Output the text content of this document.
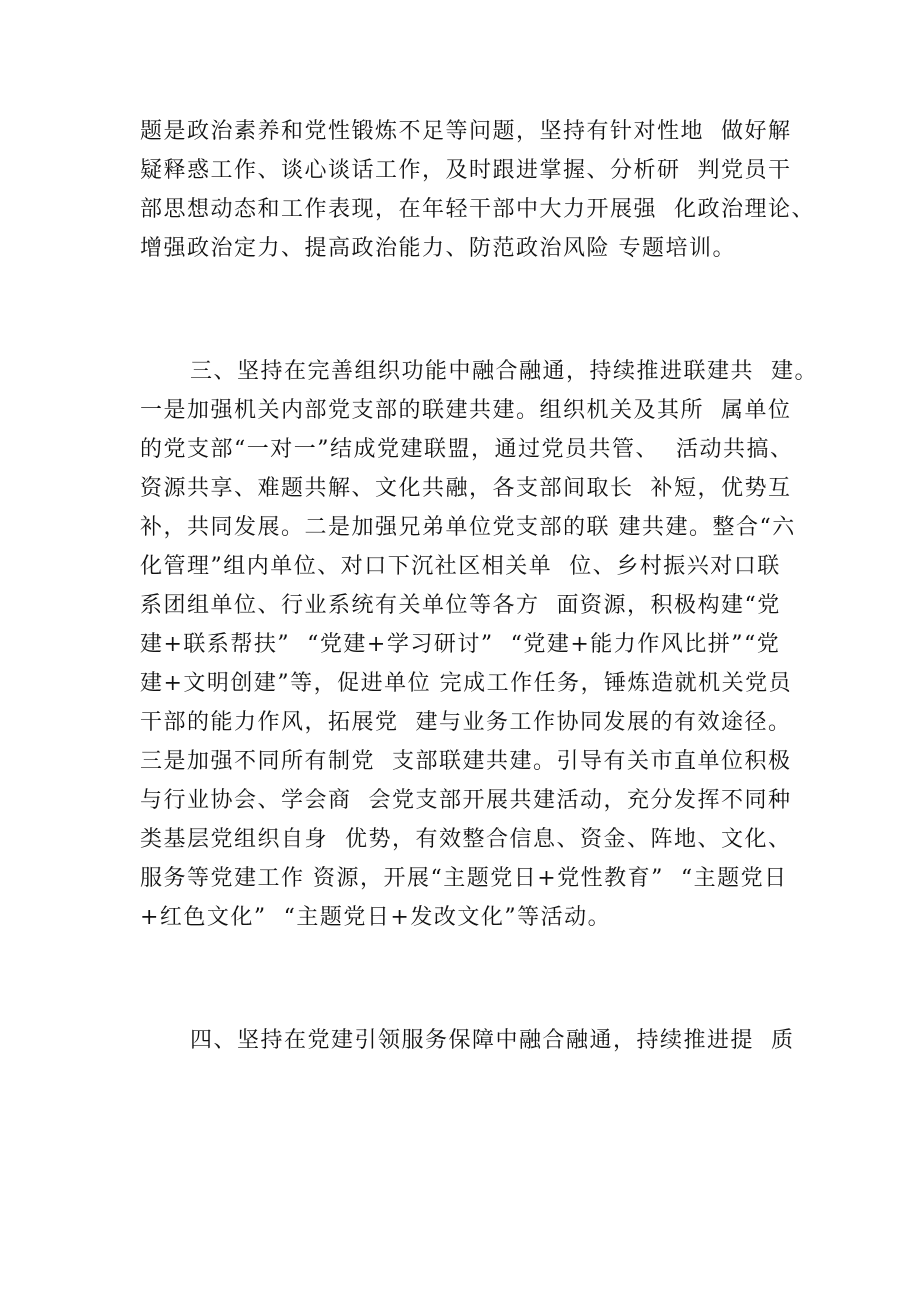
题是政治素养和党性锻炼不足等问题，坚持有针对性地  做好解
疑释惑工作、谈心谈话工作，及时跟进掌握、分析研  判党员干
部思想动态和工作表现，在年轻干部中大力开展强  化政治理论、
增强政治定力、提高政治能力、防范政治风险 专题培训。
三、坚持在完善组织功能中融合融通，持续推进联建共  建。
一是加强机关内部党支部的联建共建。组织机关及其所  属单位
的党支部“一对一”结成党建联盟，通过党员共管、  活动共搞、
资源共享、难题共解、文化共融，各支部间取长  补短，优势互
补，共同发展。二是加强兄弟单位党支部的联 建共建。整合“六
化管理”组内单位、对口下沉社区相关单  位、乡村振兴对口联
系团组单位、行业系统有关单位等各方  面资源，积极构建“党
建+联系帮扶”  “党建+学习研讨”  “党建+能力作风比拼”“党
建+文明创建”等，促进单位 完成工作任务，锤炼造就机关党员
干部的能力作风，拓展党  建与业务工作协同发展的有效途径。
三是加强不同所有制党  支部联建共建。引导有关市直单位积极
与行业协会、学会商  会党支部开展共建活动，充分发挥不同种
类基层党组织自身  优势，有效整合信息、资金、阵地、文化、
服务等党建工作 资源，开展“主题党日+党性教育”  “主题党日
+红色文化”  “主题党日+发改文化”等活动。
四、坚持在党建引领服务保障中融合融通，持续推进提  质
